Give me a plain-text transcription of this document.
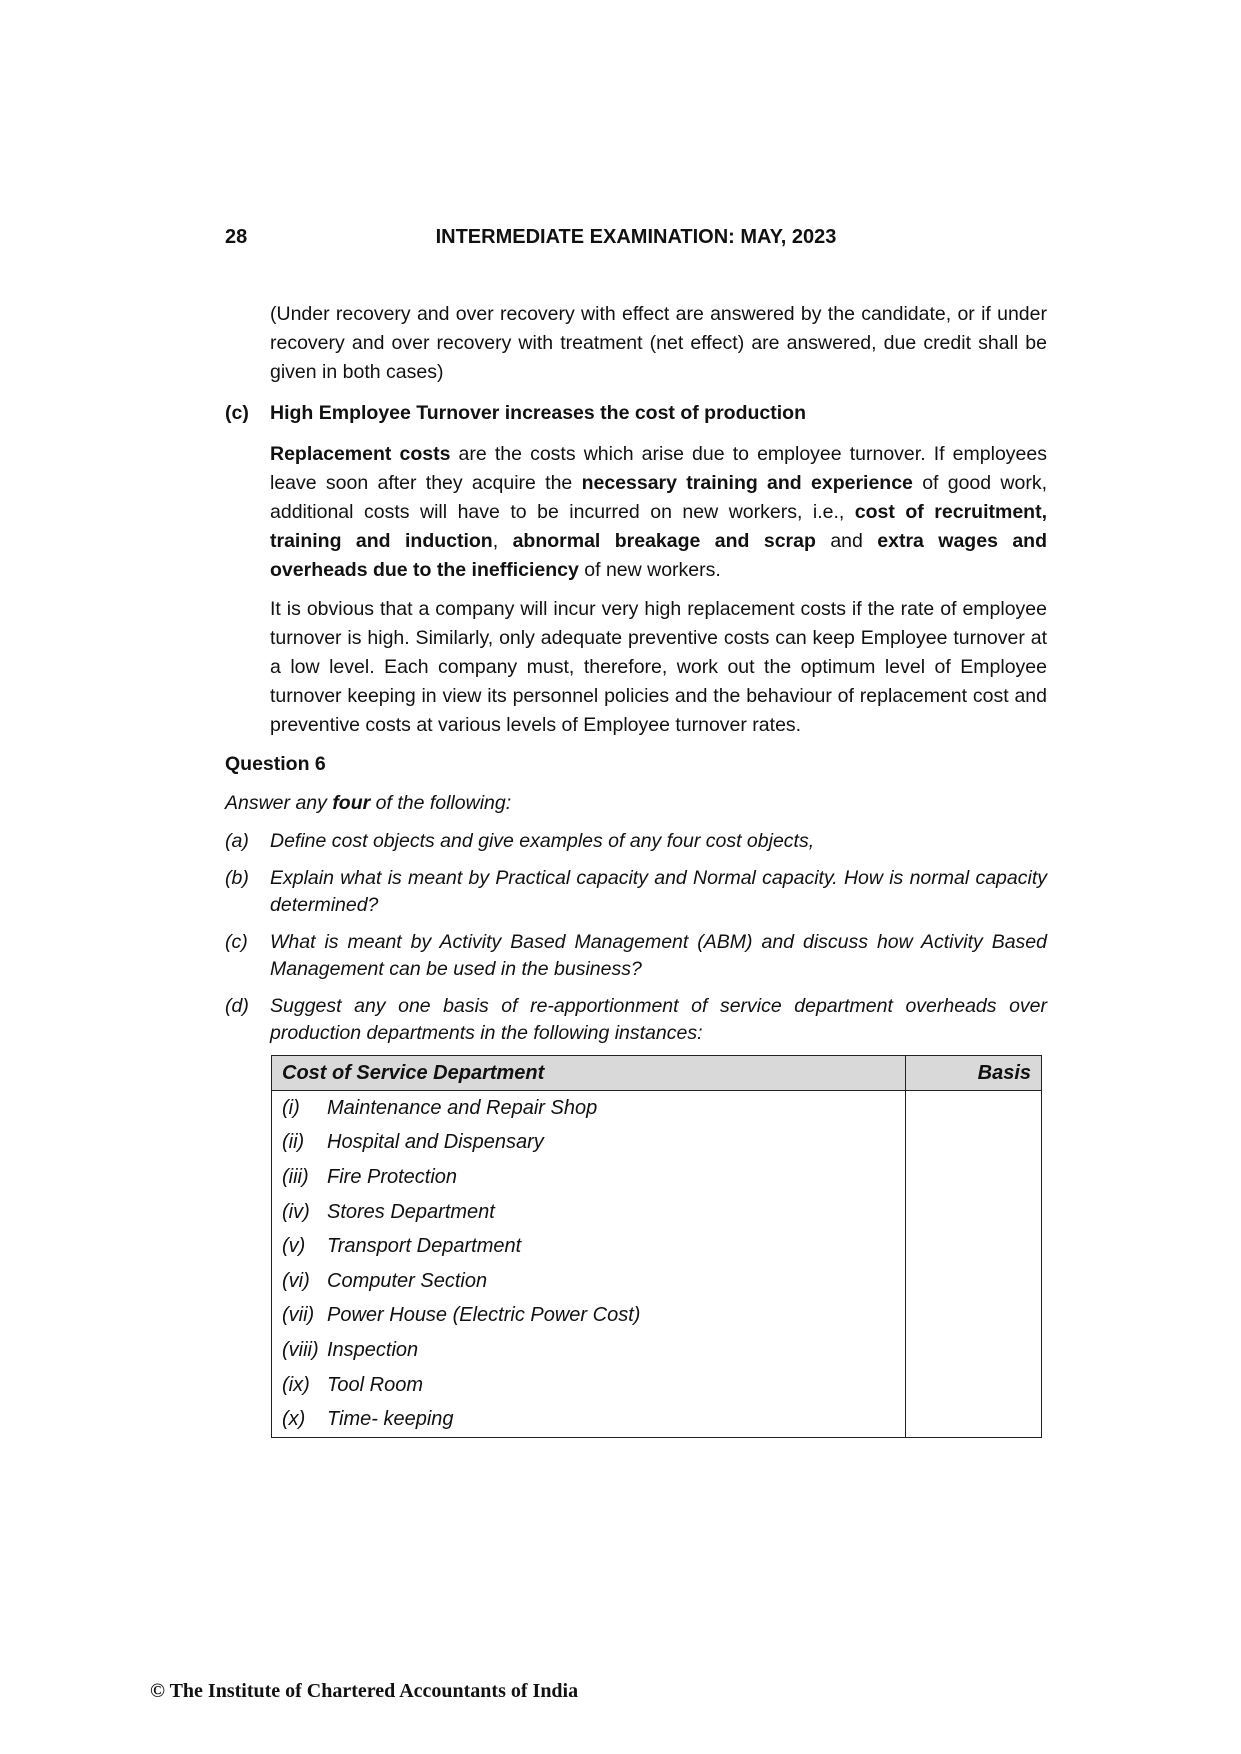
28	INTERMEDIATE EXAMINATION: MAY, 2023

(Under recovery and over recovery with effect are answered by the candidate, or if under recovery and over recovery with treatment (net effect) are answered, due credit shall be given in both cases)

(c)	High Employee Turnover increases the cost of production

Replacement costs are the costs which arise due to employee turnover. If employees leave soon after they acquire the necessary training and experience of good work, additional costs will have to be incurred on new workers, i.e., cost of recruitment, training and induction, abnormal breakage and scrap and extra wages and overheads due to the inefficiency of new workers.

It is obvious that a company will incur very high replacement costs if the rate of employee turnover is high. Similarly, only adequate preventive costs can keep Employee turnover at a low level. Each company must, therefore, work out the optimum level of Employee turnover keeping in view its personnel policies and the behaviour of replacement cost and preventive costs at various levels of Employee turnover rates.

Question 6
Answer any four of the following:
(a)	Define cost objects and give examples of any four cost objects,

(b)	Explain what is meant by Practical capacity and Normal capacity. How is normal capacity determined?

(c)	What is meant by Activity Based Management (ABM) and discuss how Activity Based Management can be used in the business?

(d)	Suggest any one basis of re-apportionment of service department overheads over production departments in the following instances:

Cost of Service Department	Basis
(i) Maintenance and Repair Shop	
(ii) Hospital and Dispensary	
(iii) Fire Protection	
(iv) Stores Department	
(v) Transport Department	
(vi) Computer Section	
(vii) Power House (Electric Power Cost)	
(viii) Inspection	
(ix) Tool Room	
(x) Time- keeping	
© The Institute of Chartered Accountants of India
